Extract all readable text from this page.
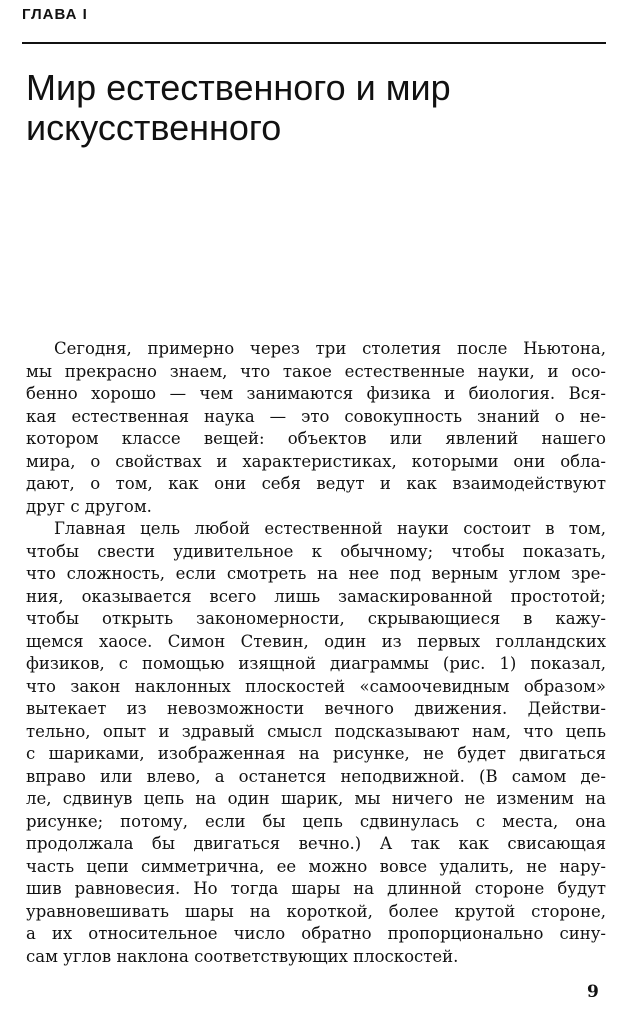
ГЛАВА I
Мир естественного и мир
искусственного
Сегодня, примерно через три столетия после Ньютона,
мы прекрасно знаем, что такое естественные науки, и осо-
бенно хорошо — чем занимаются физика и биология. Вся-
кая естественная наука — это совокупность знаний о не-
котором классе вещей: объектов или явлений нашего
мира, о свойствах и характеристиках, которыми они обла-
дают, о том, как они себя ведут и как взаимодействуют
друг с другом.
Главная цель любой естественной науки состоит в том,
чтобы свести удивительное к обычному; чтобы показать,
что сложность, если смотреть на нее под верным углом зре-
ния, оказывается всего лишь замаскированной простотой;
чтобы открыть закономерности, скрывающиеся в кажу-
щемся хаосе. Симон Стевин, один из первых голландских
физиков, с помощью изящной диаграммы (рис. 1) показал,
что закон наклонных плоскостей «самоочевидным образом»
вытекает из невозможности вечного движения. Действи-
тельно, опыт и здравый смысл подсказывают нам, что цепь
с шариками, изображенная на рисунке, не будет двигаться
вправо или влево, а останется неподвижной. (В самом де-
ле, сдвинув цепь на один шарик, мы ничего не изменим на
рисунке; потому, если бы цепь сдвинулась с места, она
продолжала бы двигаться вечно.) А так как свисающая
часть цепи симметрична, ее можно вовсе удалить, не нару-
шив равновесия. Но тогда шары на длинной стороне будут
уравновешивать шары на короткой, более крутой стороне,
а их относительное число обратно пропорционально сину-
сам углов наклона соответствующих плоскостей.
9
